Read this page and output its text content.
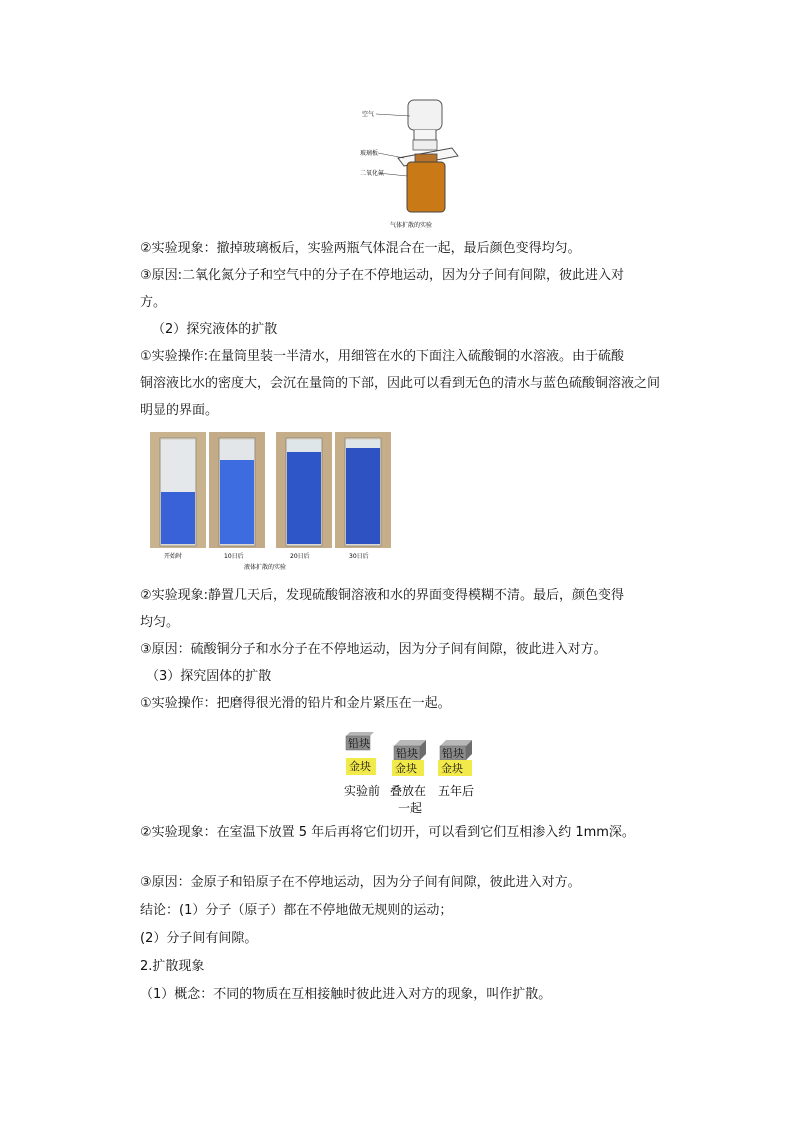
空气
玻璃板
二氧化氮
气体扩散的实验
②实验现象：撤掉玻璃板后，实验两瓶气体混合在一起，最后颜色变得均匀。
③原因:二氧化氮分子和空气中的分子在不停地运动，因为分子间有间隙，彼此进入对
方。
（2）探究液体的扩散
①实验操作:在量筒里装一半清水，用细管在水的下面注入硫酸铜的水溶液。由于硫酸
铜溶液比水的密度大，会沉在量筒的下部，因此可以看到无色的清水与蓝色硫酸铜溶液之间
明显的界面。
开始时	10日后	20日后	30日后
液体扩散的实验
②实验现象:静置几天后，发现硫酸铜溶液和水的界面变得模糊不清。最后，颜色变得
均匀。
③原因：硫酸铜分子和水分子在不停地运动，因为分子间有间隙，彼此进入对方。
（3）探究固体的扩散
①实验操作：把磨得很光滑的铅片和金片紧压在一起。
铅块
金块
铅块
金块
铅块
金块
实验前 叠放在
一起
五年后
②实验现象：在室温下放置 5 年后再将它们切开，可以看到它们互相渗入约 1mm深。
③原因：金原子和铅原子在不停地运动，因为分子间有间隙，彼此进入对方。
结论：(1）分子（原子）都在不停地做无规则的运动；
(2）分子间有间隙。
2.扩散现象
（1）概念：不同的物质在互相接触时彼此进入对方的现象，叫作扩散。
